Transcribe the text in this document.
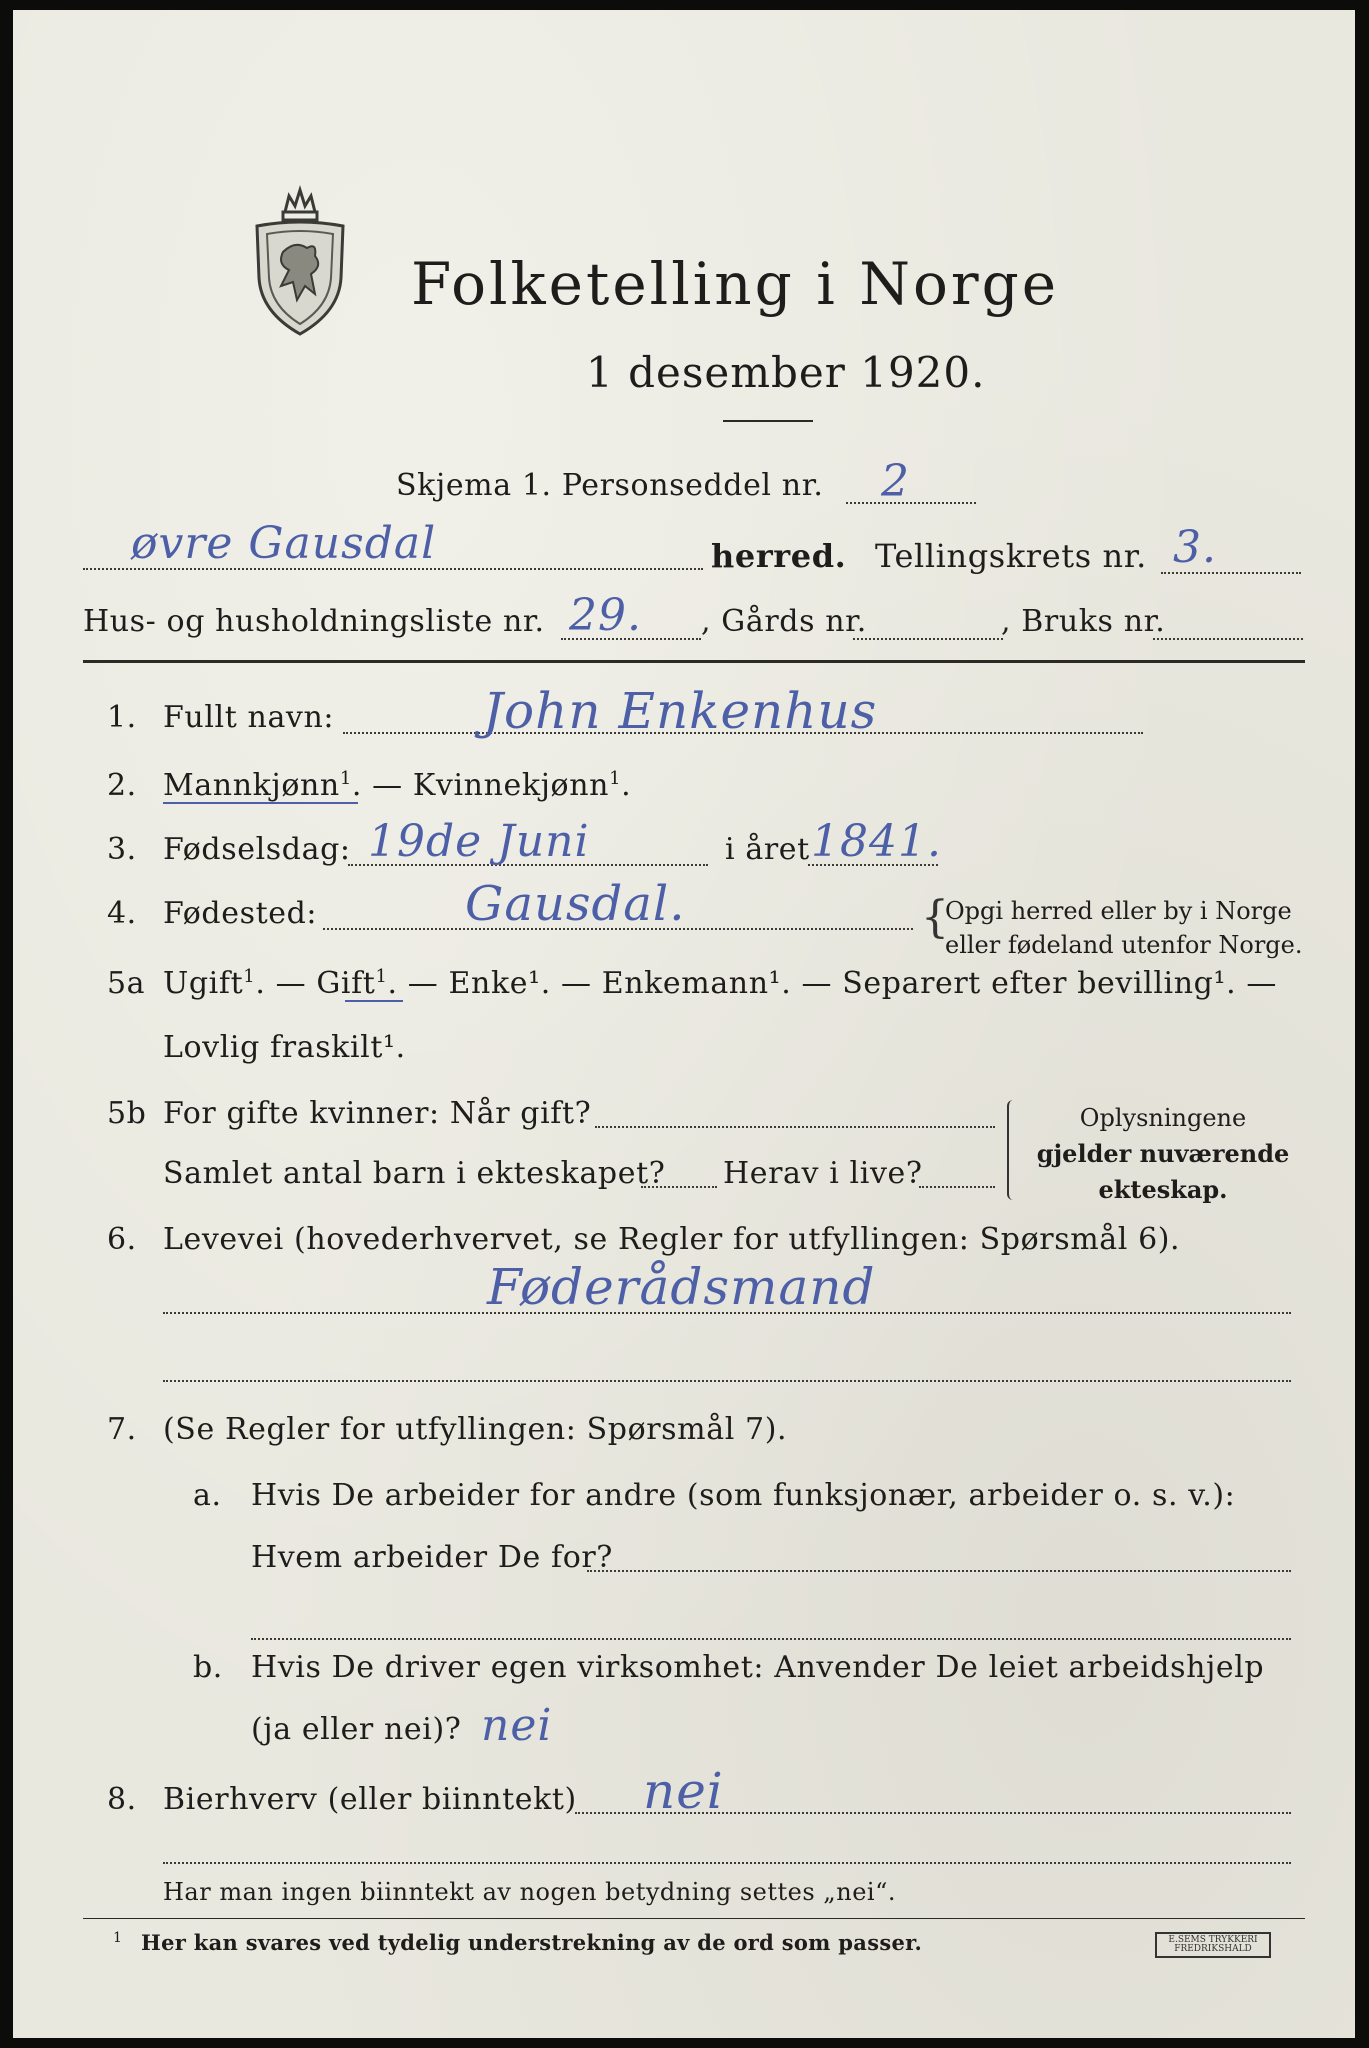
Folketelling i Norge
1 desember 1920.
Skjema 1. Personseddel nr. 2
øvre Gausdal	herred. Tellingskrets nr. 3.
Hus- og husholdningsliste nr. 29. , Gårds nr.	, Bruks nr.
1. Fullt navn:	John Enkenhus
2. Mannkjønn$^1$. — Kvinnekjønn$^1$.
3. Fødselsdag: 19de Juni	i året 1841.
4. Fødested:	Gausdal.	{
Opgi herred eller by i Norge
eller fødeland utenfor Norge.
5a Ugift$^1$. — Gift$^1$. — Enke¹. — Enkemann¹. — Separert efter bevilling¹. —
Lovlig fraskilt¹.
5b For gifte kvinner: Når gift?
Samlet antal barn i ekteskapet? Herav i live?
Oplysningene
gjelder nuværende
ekteskap.
6. Levevei (hovederhvervet, se Regler for utfyllingen: Spørsmål 6).
Føderådsmand
7. (Se Regler for utfyllingen: Spørsmål 7).
a. Hvis De arbeider for andre (som funksjonær, arbeider o. s. v.):
Hvem arbeider De for?
b. Hvis De driver egen virksomhet: Anvender De leiet arbeidshjelp
(ja eller nei)? nei
8. Bierhverv (eller biinntekt) nei
Har man ingen biinntekt av nogen betydning settes „nei“.
1 Her kan svares ved tydelig understrekning av de ord som passer.	E.SEMS TRYKKERI
FREDRIKSHALD
